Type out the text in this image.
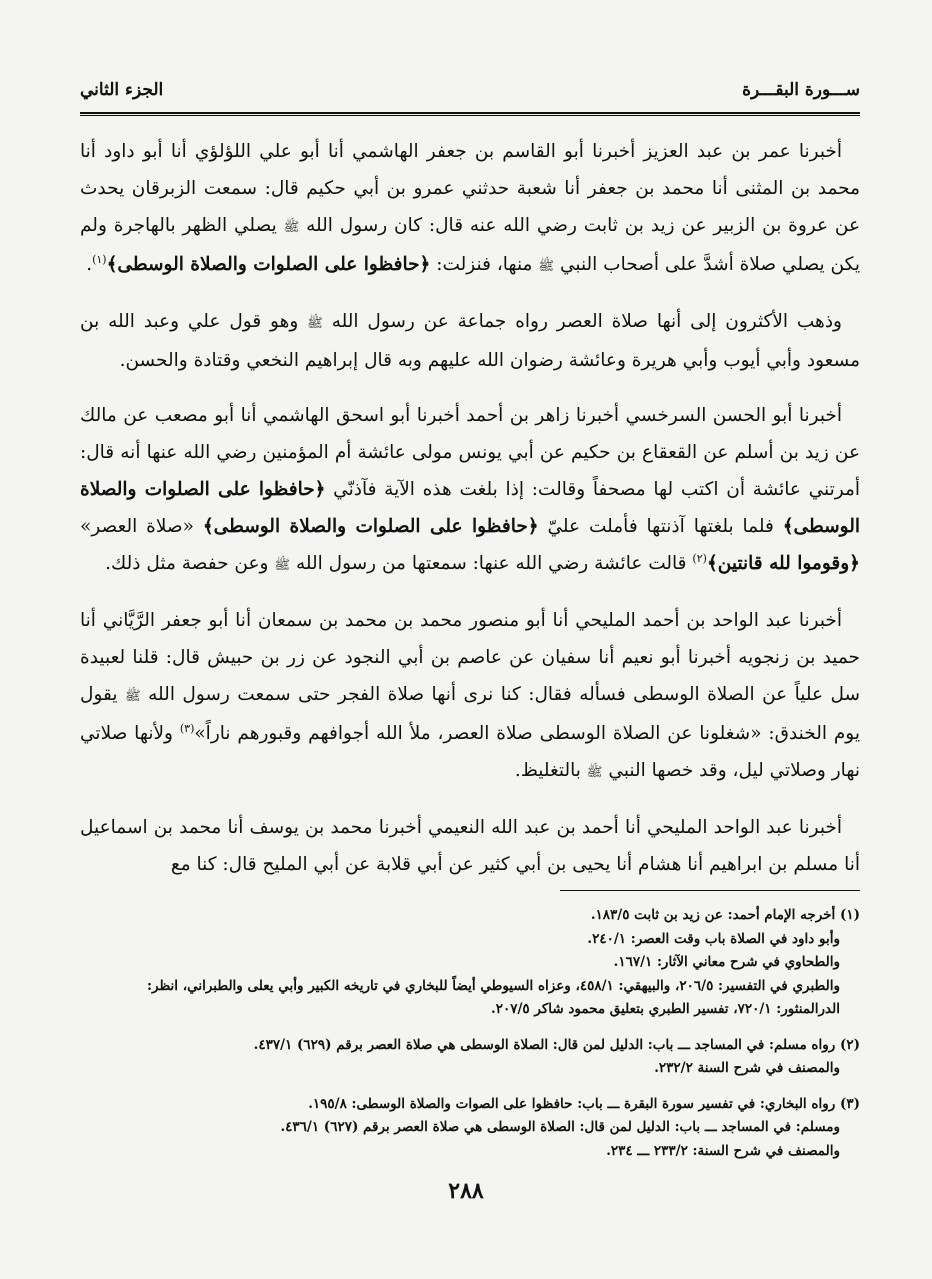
ســـورة البقـــرة
الجزء الثاني

أخبرنا عمر بن عبد العزيز أخبرنا أبو القاسم بن جعفر الهاشمي أنا أبو علي اللؤلؤي أنا أبو داود أنا محمد بن المثنى أنا محمد بن جعفر أنا شعبة حدثني عمرو بن أبي حكيم قال: سمعت الزبرقان يحدث عن عروة بن الزبير عن زيد بن ثابت رضي الله عنه قال: كان رسول الله ﷺ يصلي الظهر بالهاجرة ولم يكن يصلي صلاة أشدَّ على أصحاب النبي ﷺ منها، فنزلت: ﴿حافظوا على الصلوات والصلاة الوسطى﴾$^{(١)}$.

وذهب الأكثرون إلى أنها صلاة العصر رواه جماعة عن رسول الله ﷺ وهو قول علي وعبد الله بن مسعود وأبي أيوب وأبي هريرة وعائشة رضوان الله عليهم وبه قال إبراهيم النخعي وقتادة والحسن.

أخبرنا أبو الحسن السرخسي أخبرنا زاهر بن أحمد أخبرنا أبو اسحق الهاشمي أنا أبو مصعب عن مالك عن زيد بن أسلم عن القعقاع بن حكيم عن أبي يونس مولى عائشة أم المؤمنين رضي الله عنها أنه قال: أمرتني عائشة أن اكتب لها مصحفاً وقالت: إذا بلغت هذه الآية فآذنّي ﴿حافظوا على الصلوات والصلاة الوسطى﴾ فلما بلغتها آذنتها فأملت عليّ ﴿حافظوا على الصلوات والصلاة الوسطى﴾ «صلاة العصر» ﴿وقوموا لله قانتين﴾$^{(٢)}$ قالت عائشة رضي الله عنها: سمعتها من رسول الله ﷺ وعن حفصة مثل ذلك.

أخبرنا عبد الواحد بن أحمد المليحي أنا أبو منصور محمد بن محمد بن سمعان أنا أبو جعفر الرَّيَّاني أنا حميد بن زنجويه أخبرنا أبو نعيم أنا سفيان عن عاصم بن أبي النجود عن زر بن حبيش قال: قلنا لعبيدة سل علياً عن الصلاة الوسطى فسأله فقال: كنا نرى أنها صلاة الفجر حتى سمعت رسول الله ﷺ يقول يوم الخندق: «شغلونا عن الصلاة الوسطى صلاة العصر، ملأ الله أجوافهم وقبورهم ناراً»$^{(٣)}$ ولأنها صلاتي نهار وصلاتي ليل، وقد خصها النبي ﷺ بالتغليظ.

أخبرنا عبد الواحد المليحي أنا أحمد بن عبد الله النعيمي أخبرنا محمد بن يوسف أنا محمد بن اسماعيل أنا مسلم بن ابراهيم أنا هشام أنا يحيى بن أبي كثير عن أبي قلابة عن أبي المليح قال: كنا مع

(١) أخرجه الإمام أحمد: عن زيد بن ثابت ١٨٣/٥.
وأبو داود في الصلاة باب وقت العصر: ٢٤٠/١.
والطحاوي في شرح معاني الآثار: ١٦٧/١.
والطبري في التفسير: ٢٠٦/٥، والبيهقي: ٤٥٨/١، وعزاه السيوطي أيضاً للبخاري في تاريخه الكبير وأبي يعلى والطبراني، انظر: الدرالمنثور: ٧٢٠/١، تفسير الطبري بتعليق محمود شاكر ٢٠٧/٥.
(٢) رواه مسلم: في المساجد ـــ باب: الدليل لمن قال: الصلاة الوسطى هي صلاة العصر برقم (٦٢٩) ٤٣٧/١.
والمصنف في شرح السنة ٢٣٢/٢.
(٣) رواه البخاري: في تفسير سورة البقرة ـــ باب: حافظوا على الصوات والصلاة الوسطى: ١٩٥/٨.
ومسلم: في المساجد ـــ باب: الدليل لمن قال: الصلاة الوسطى هي صلاة العصر برقم (٦٢٧) ٤٣٦/١.
والمصنف في شرح السنة: ٢٣٣/٢ ـــ ٢٣٤.
٢٨٨
